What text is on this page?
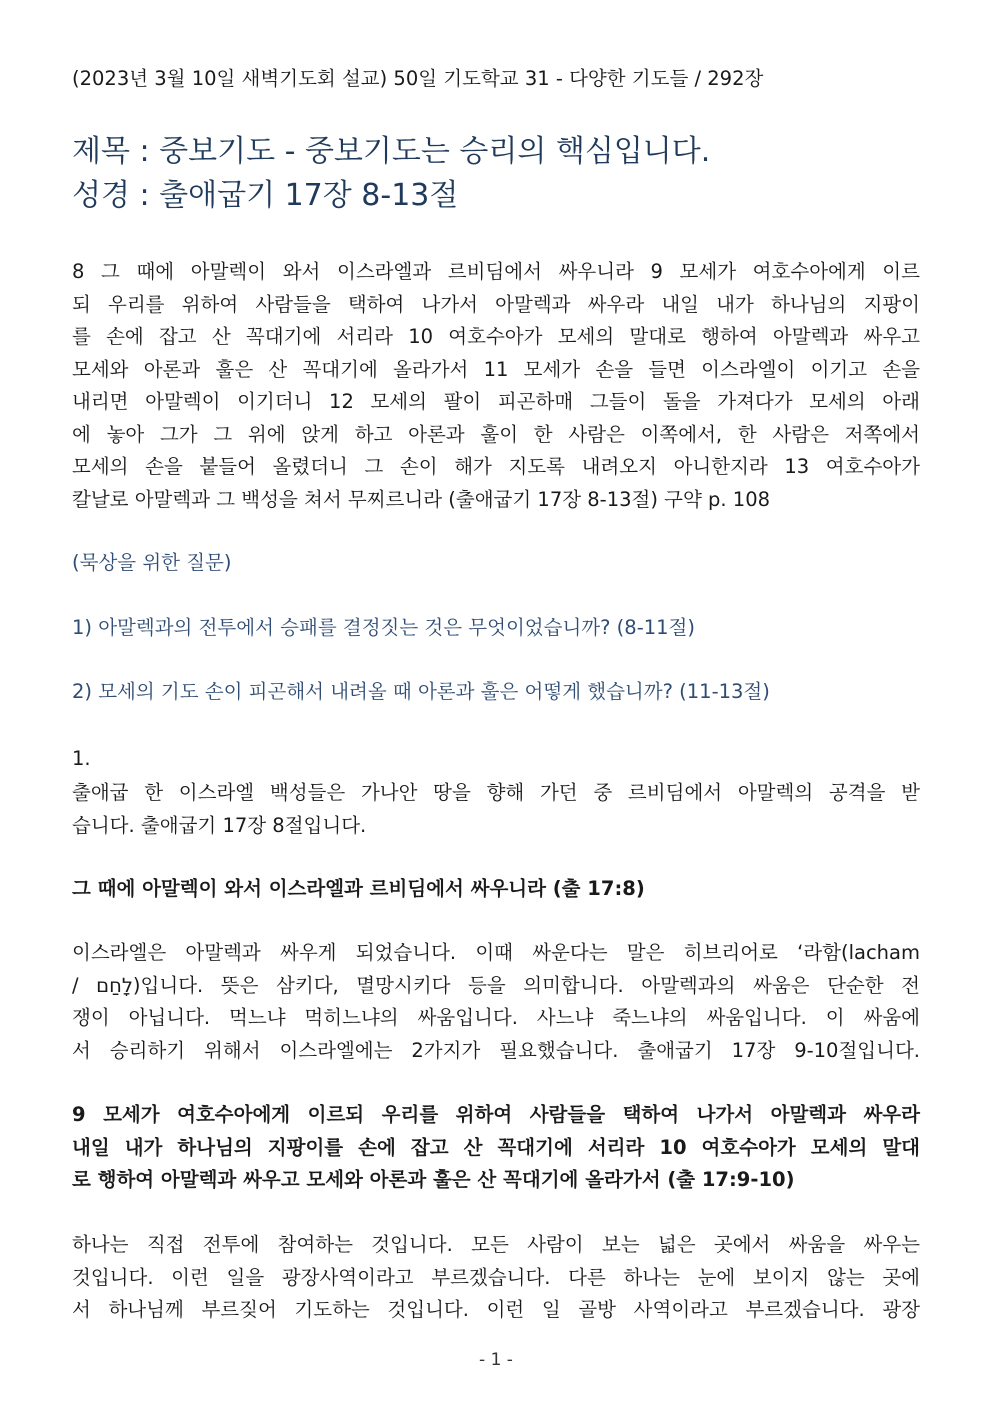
(2023년 3월 10일 새벽기도회 설교) 50일 기도학교 31 - 다양한 기도들 / 292장

제목 : 중보기도 - 중보기도는 승리의 핵심입니다.
성경 : 출애굽기 17장 8-13절
8 그 때에 아말렉이 와서 이스라엘과 르비딤에서 싸우니라 9 모세가 여호수아에게 이르
되 우리를 위하여 사람들을 택하여 나가서 아말렉과 싸우라 내일 내가 하나님의 지팡이
를 손에 잡고 산 꼭대기에 서리라 10 여호수아가 모세의 말대로 행하여 아말렉과 싸우고
모세와 아론과 훌은 산 꼭대기에 올라가서 11 모세가 손을 들면 이스라엘이 이기고 손을
내리면 아말렉이 이기더니 12 모세의 팔이 피곤하매 그들이 돌을 가져다가 모세의 아래
에 놓아 그가 그 위에 앉게 하고 아론과 훌이 한 사람은 이쪽에서, 한 사람은 저쪽에서
모세의 손을 붙들어 올렸더니 그 손이 해가 지도록 내려오지 아니한지라 13 여호수아가
칼날로 아말렉과 그 백성을 쳐서 무찌르니라 (출애굽기 17장 8-13절) 구약 p. 108

(묵상을 위한 질문)

1) 아말렉과의 전투에서 승패를 결정짓는 것은 무엇이었습니까? (8-11절)

2) 모세의 기도 손이 피곤해서 내려올 때 아론과 훌은 어떻게 했습니까? (11-13절)

1.

출애굽 한 이스라엘 백성들은 가나안 땅을 향해 가던 중 르비딤에서 아말렉의 공격을 받
습니다. 출애굽기 17장 8절입니다.

그 때에 아말렉이 와서 이스라엘과 르비딤에서 싸우니라 (출 17:8)

이스라엘은 아말렉과 싸우게 되었습니다. 이때 싸운다는 말은 히브리어로 ‘라함(lacham
/ לָחַם)입니다. 뜻은 삼키다, 멸망시키다 등을 의미합니다. 아말렉과의 싸움은 단순한 전
쟁이 아닙니다. 먹느냐 먹히느냐의 싸움입니다. 사느냐 죽느냐의 싸움입니다. 이 싸움에
서 승리하기 위해서 이스라엘에는 2가지가 필요했습니다. 출애굽기 17장 9-10절입니다.
9 모세가 여호수아에게 이르되 우리를 위하여 사람들을 택하여 나가서 아말렉과 싸우라
내일 내가 하나님의 지팡이를 손에 잡고 산 꼭대기에 서리라 10 여호수아가 모세의 말대
로 행하여 아말렉과 싸우고 모세와 아론과 훌은 산 꼭대기에 올라가서 (출 17:9-10)
하나는 직접 전투에 참여하는 것입니다. 모든 사람이 보는 넓은 곳에서 싸움을 싸우는
것입니다. 이런 일을 광장사역이라고 부르겠습니다. 다른 하나는 눈에 보이지 않는 곳에
서 하나님께 부르짖어 기도하는 것입니다. 이런 일 골방 사역이라고 부르겠습니다. 광장
- 1 -
